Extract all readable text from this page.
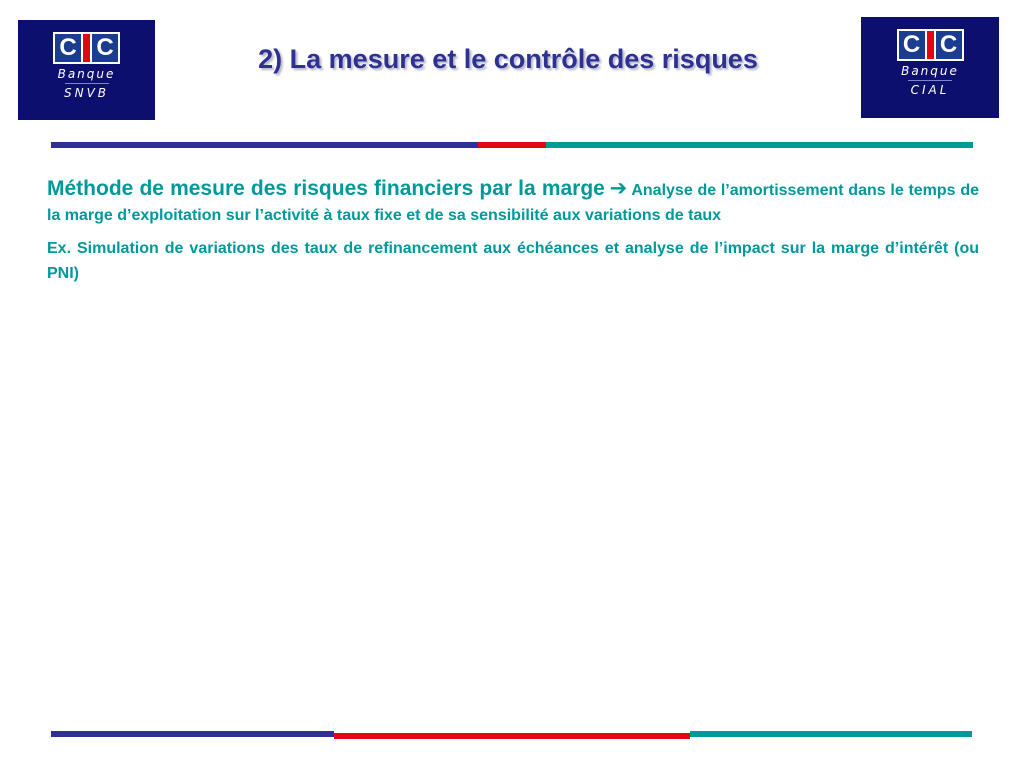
C C
Banque
SNVB
2) La mesure et le contrôle des risques	C C
Banque
CIAL

Méthode de mesure des risques financiers par la marge ➔ Analyse de l’amortissement dans le temps de la marge d’exploitation sur l’activité à taux fixe et de sa sensibilité aux variations de taux

Ex. Simulation de variations des taux de refinancement aux échéances et analyse de l’impact sur la marge d’intérêt (ou PNI)
